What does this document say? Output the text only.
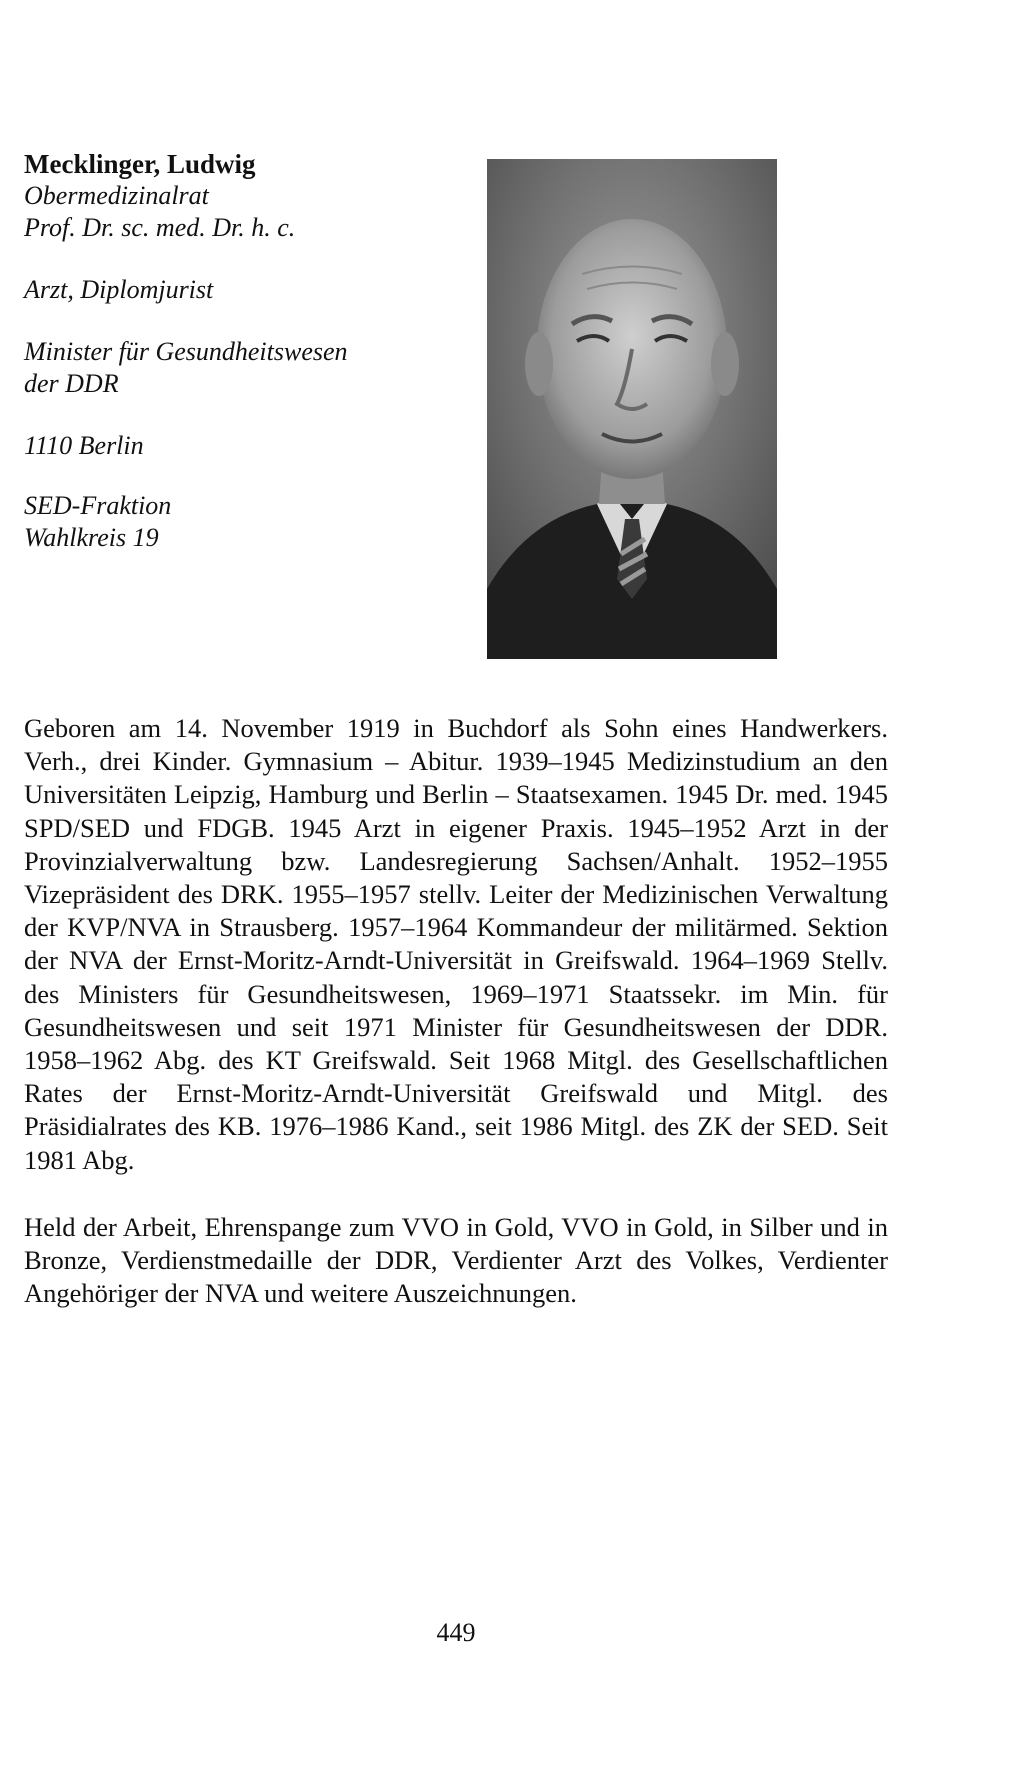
Mecklinger, Ludwig

Obermedizinalrat

Prof. Dr. sc. med. Dr. h. c.

Arzt, Diplomjurist

Minister für Gesundheitswesen

der DDR

1110 Berlin

SED-Fraktion

Wahlkreis 19

Geboren am 14. November 1919 in Buchdorf als Sohn eines Handwerkers. Verh., drei Kinder. Gymnasium – Abitur. 1939–1945 Medizinstudium an den Universitäten Leipzig, Hamburg und Berlin – Staatsexamen. 1945 Dr. med. 1945 SPD/SED und FDGB. 1945 Arzt in eigener Praxis. 1945–1952 Arzt in der Provinzialverwaltung bzw. Landesregierung Sachsen/Anhalt. 1952–1955 Vizepräsident des DRK. 1955–1957 stellv. Leiter der Medizinischen Verwaltung der KVP/NVA in Strausberg. 1957–1964 Kommandeur der militärmed. Sektion der NVA der Ernst-Moritz-Arndt-Universität in Greifswald. 1964–1969 Stellv. des Ministers für Gesundheitswesen, 1969–1971 Staatssekr. im Min. für Gesundheitswesen und seit 1971 Minister für Gesundheitswesen der DDR. 1958–1962 Abg. des KT Greifswald. Seit 1968 Mitgl. des Gesellschaftlichen Rates der Ernst-Moritz-Arndt-Universität Greifswald und Mitgl. des Präsidialrates des KB. 1976–1986 Kand., seit 1986 Mitgl. des ZK der SED. Seit 1981 Abg.

Held der Arbeit, Ehrenspange zum VVO in Gold, VVO in Gold, in Silber und in Bronze, Verdienstmedaille der DDR, Verdienter Arzt des Volkes, Verdienter Angehöriger der NVA und weitere Auszeichnungen.

449
